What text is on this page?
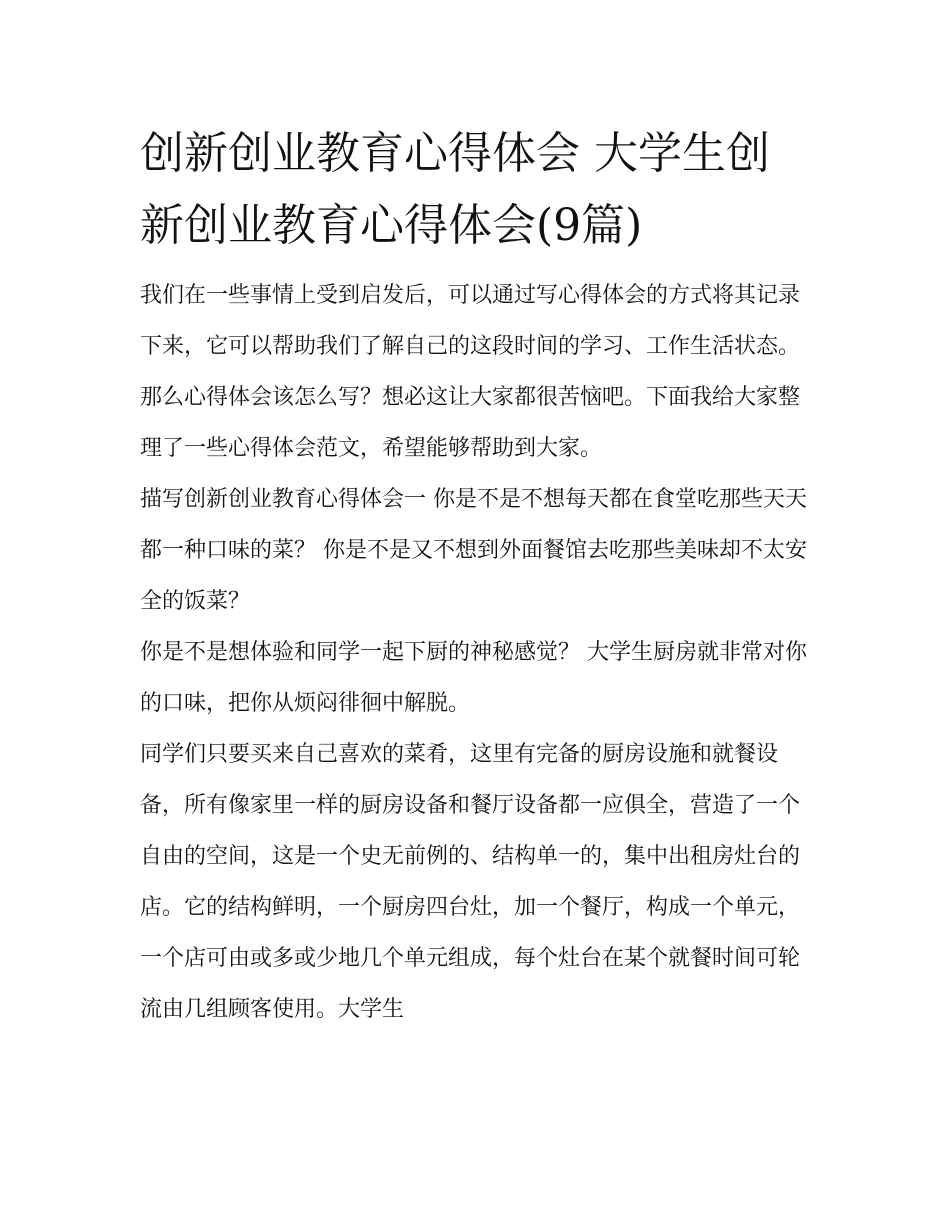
创新创业教育心得体会 大学生创新创业教育心得体会(9篇)

我们在一些事情上受到启发后，可以通过写心得体会的方式将其记录下来，它可以帮助我们了解自己的这段时间的学习、工作生活状态。那么心得体会该怎么写？想必这让大家都很苦恼吧。下面我给大家整理了一些心得体会范文，希望能够帮助到大家。

描写创新创业教育心得体会一 你是不是不想每天都在食堂吃那些天天都一种口味的菜？ 你是不是又不想到外面餐馆去吃那些美味却不太安全的饭菜？

你是不是想体验和同学一起下厨的神秘感觉？ 大学生厨房就非常对你的口味，把你从烦闷徘徊中解脱。

同学们只要买来自己喜欢的菜肴，这里有完备的厨房设施和就餐设备，所有像家里一样的厨房设备和餐厅设备都一应俱全，营造了一个自由的空间，这是一个史无前例的、结构单一的，集中出租房灶台的店。它的结构鲜明，一个厨房四台灶，加一个餐厅，构成一个单元，一个店可由或多或少地几个单元组成，每个灶台在某个就餐时间可轮流由几组顾客使用。大学生
